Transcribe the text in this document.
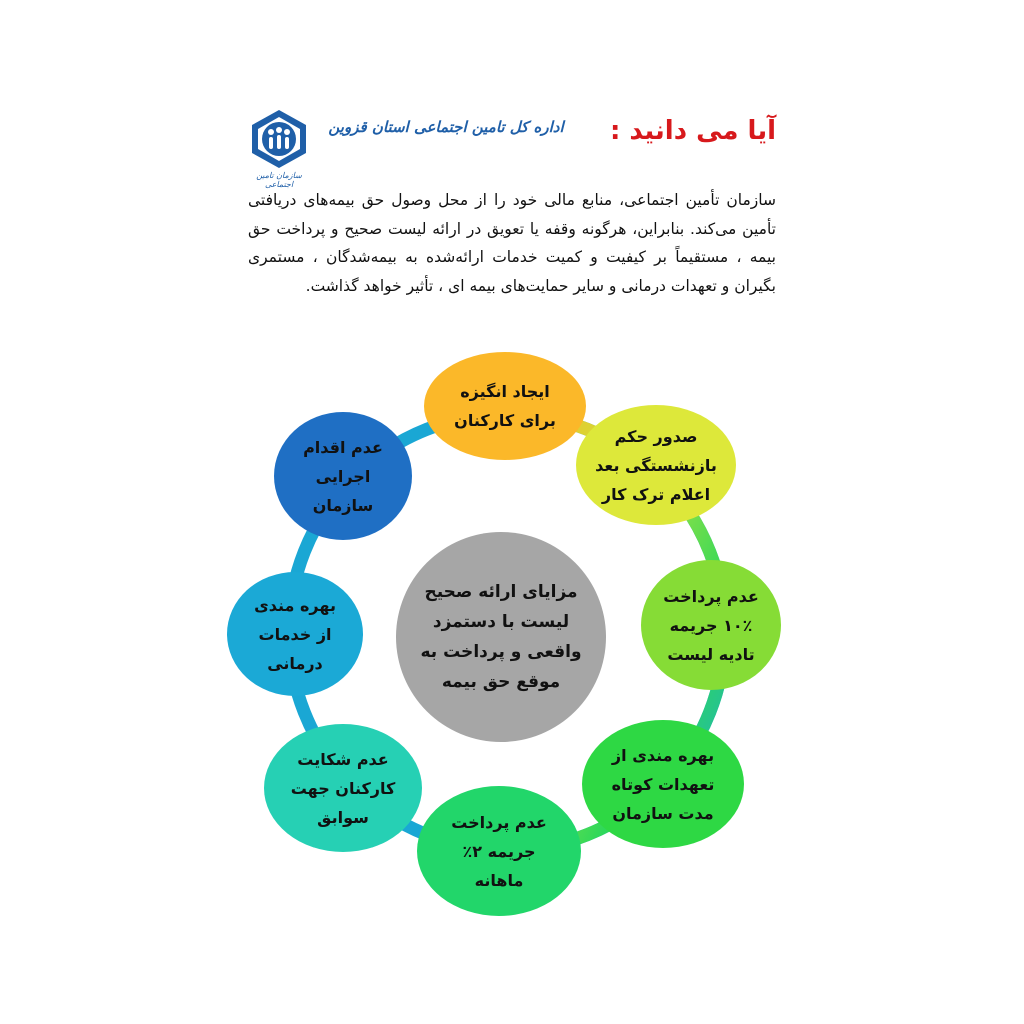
آیا می دانید :
اداره کل تامین اجتماعی استان قزوین
سازمان تامین اجتماعی
سازمان تأمین اجتماعی، منابع مالی خود را از محل وصول حق بیمه‌های دریافتی تأمین می‌کند. بنابراین، هرگونه وقفه یا تعویق در ارائه لیست صحیح و پرداخت حق بیمه ، مستقیماً بر کیفیت و کمیت خدمات ارائه‌شده به بیمه‌شدگان ، مستمری بگیران و تعهدات درمانی و سایر حمایت‌های بیمه ای ، تأثیر خواهد گذاشت.
مزایای ارائه صحیح
لیست با دستمزد
واقعی و پرداخت به
موقع حق بیمه
ایجاد انگیزه
برای کارکنان
صدور حکم
بازنشستگی بعد
اعلام ترک کار
عدم پرداخت
۱۰٪ جریمه
تادیه لیست
بهره مندی از
تعهدات کوتاه
مدت سازمان
عدم پرداخت
جریمه ۲٪
ماهانه
عدم شکایت
کارکنان جهت
سوابق
بهره مندی
از خدمات
درمانی
عدم اقدام
اجرایی
سازمان
